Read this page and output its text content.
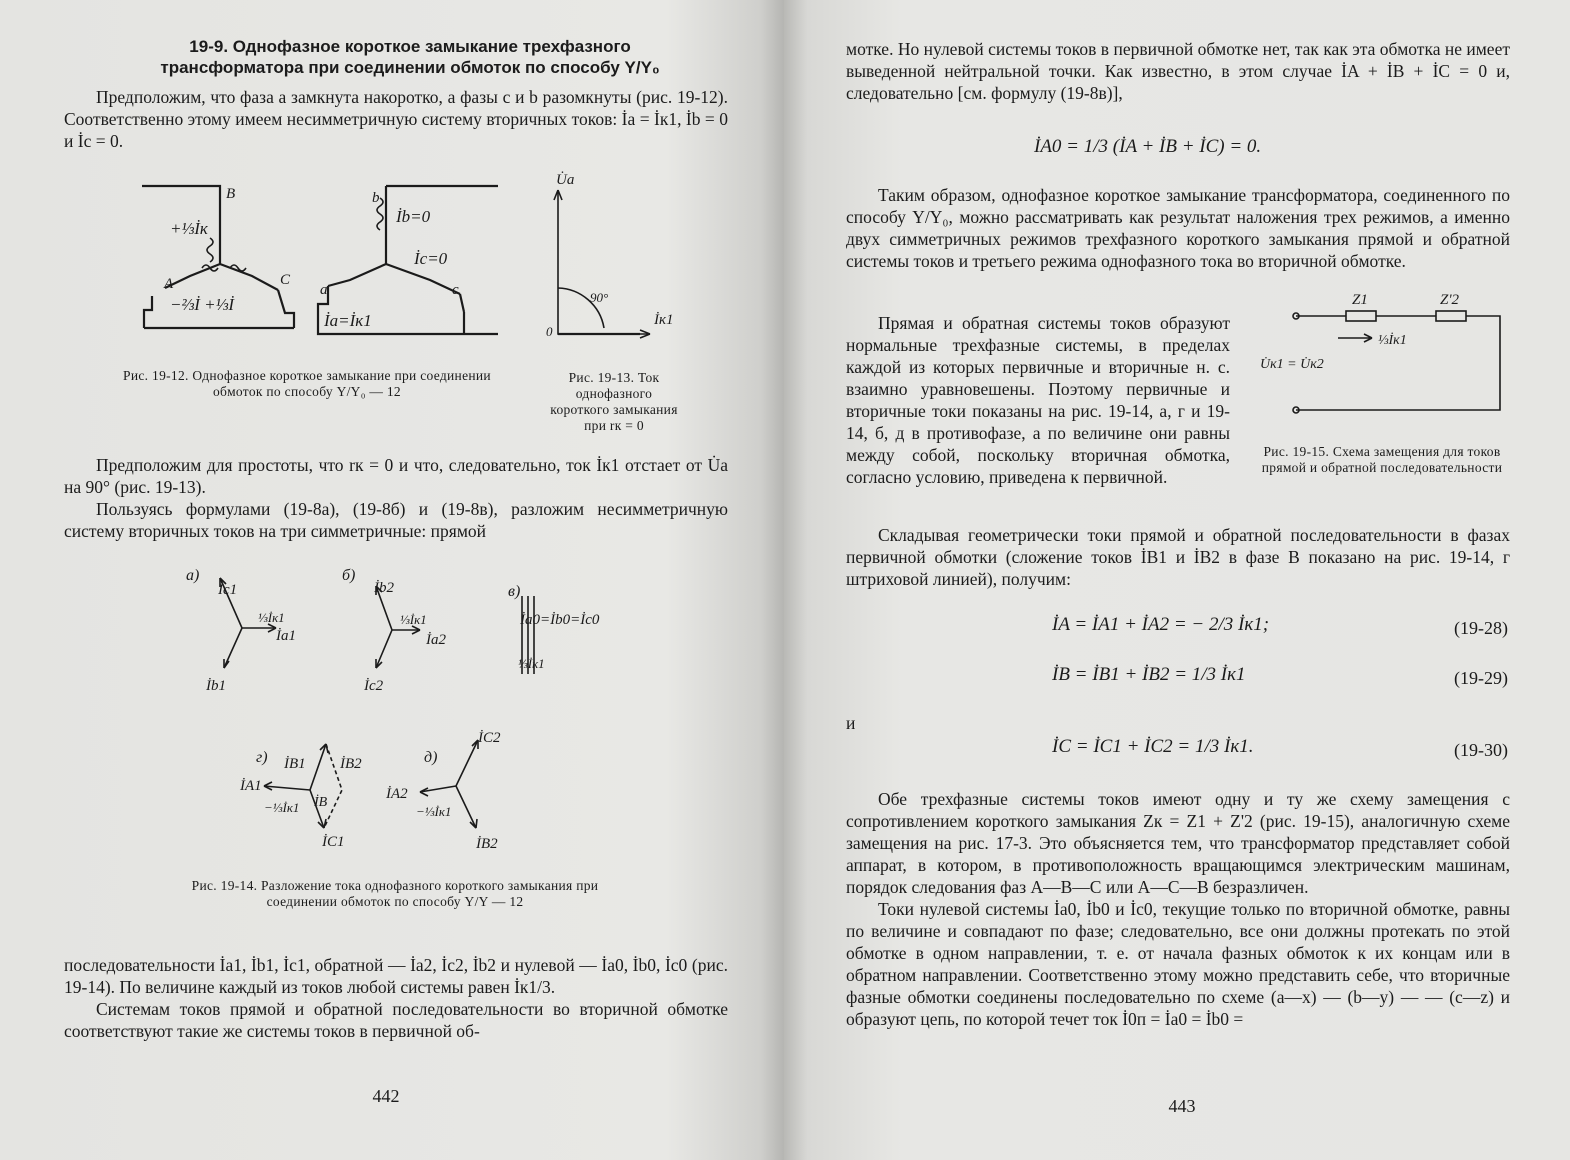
19-9. Однофазное короткое замыкание трехфазного
трансформатора при соединении обмоток по способу Y/Y₀

Предположим, что фаза a замкнута накоротко, а фазы c и b разомкнуты (рис. 19-12). Соответственно этому имеем несимметричную систему вторичных токов: İa = İк1, İb = 0 и İc = 0.

B
A	C
+⅓İк
−⅔İ +⅓İ
b
a	c
İb=0
İc=0
İa=İк1
U̇a
90°
İк1
0
Рис. 19-12. Однофазное короткое замыкание при соединении обмоток по способу Y/Y₀ — 12
Рис. 19-13. Ток однофазного короткого замыкания при rк = 0

Предположим для простоты, что rк = 0 и что, следовательно, ток İк1 отстает от U̇a на 90° (рис. 19-13).

Пользуясь формулами (19-8а), (19-8б) и (19-8в), разложим несимметричную систему вторичных токов на три симметричные: прямой

а)
İc1
İa1
İb1
⅓İк1
б)
İb2
İa2
İc2
⅓İк1
в)
İa0=İb0=İc0
⅓İк1
г) İB1 İB2
İA1
İB
İC1
−⅓İк1
д)
İC2
İA2
İB2
−⅓İк1
Рис. 19-14. Разложение тока однофазного короткого замыкания при соединении обмоток по способу Y/Y — 12

последовательности İa1, İb1, İc1, обратной — İa2, İc2, İb2 и нулевой — İa0, İb0, İc0 (рис. 19-14). По величине каждый из токов любой системы равен İк1/3.

Системам токов прямой и обратной последовательности во вторичной обмотке соответствуют такие же системы токов в первичной об-

442

мотке. Но нулевой системы токов в первичной обмотке нет, так как эта обмотка не имеет выведенной нейтральной точки. Как известно, в этом случае İA + İB + İC = 0 и, следовательно [см. формулу (19-8в)],

İA0 = 1/3 (İA + İB + İC) = 0.

Таким образом, однофазное короткое замыкание трансформатора, соединенного по способу Y/Y₀, можно рассматривать как результат наложения трех режимов, а именно двух симметричных режимов трехфазного короткого замыкания прямой и обратной системы токов и третьего режима однофазного тока во вторичной обмотке.

Прямая и обратная системы токов образуют нормальные трехфазные системы, в пределах каждой из которых первичные и вторичные н. с. взаимно уравновешены. Поэтому первичные и вторичные токи показаны на рис. 19-14, а, г и 19-14, б, д в противофазе, а по величине они равны между собой, поскольку вторичная обмотка, согласно условию, приведена к первичной.

Z1	Z'2
⅓İк1
U̇к1 = U̇к2
Рис. 19-15. Схема замещения для токов прямой и обратной последовательности

Складывая геометрически токи прямой и обратной последовательности в фазах первичной обмотки (сложение токов İB1 и İB2 в фазе B показано на рис. 19-14, г штриховой линией), получим:

İA = İA1 + İA2 = − 2/3 İк1;	(19-28)
İB = İB1 + İB2 = 1/3 İк1	(19-29)
и
İC = İC1 + İC2 = 1/3 İк1.	(19-30)

Обе трехфазные системы токов имеют одну и ту же схему замещения с сопротивлением короткого замыкания Zк = Z1 + Z'2 (рис. 19-15), аналогичную схеме замещения на рис. 17-3. Это объясняется тем, что трансформатор представляет собой аппарат, в котором, в противоположность вращающимся электрическим машинам, порядок следования фаз A—B—C или A—C—B безразличен.

Токи нулевой системы İa0, İb0 и İc0, текущие только по вторичной обмотке, равны по величине и совпадают по фазе; следовательно, все они должны протекать по этой обмотке в одном направлении, т. е. от начала фазных обмоток к их концам или в обратном направлении. Соответственно этому можно представить себе, что вторичные фазные обмотки соединены последовательно по схеме (a—x) — (b—y) — — (c—z) и образуют цепь, по которой течет ток İ0п = İa0 = İb0 =

443
